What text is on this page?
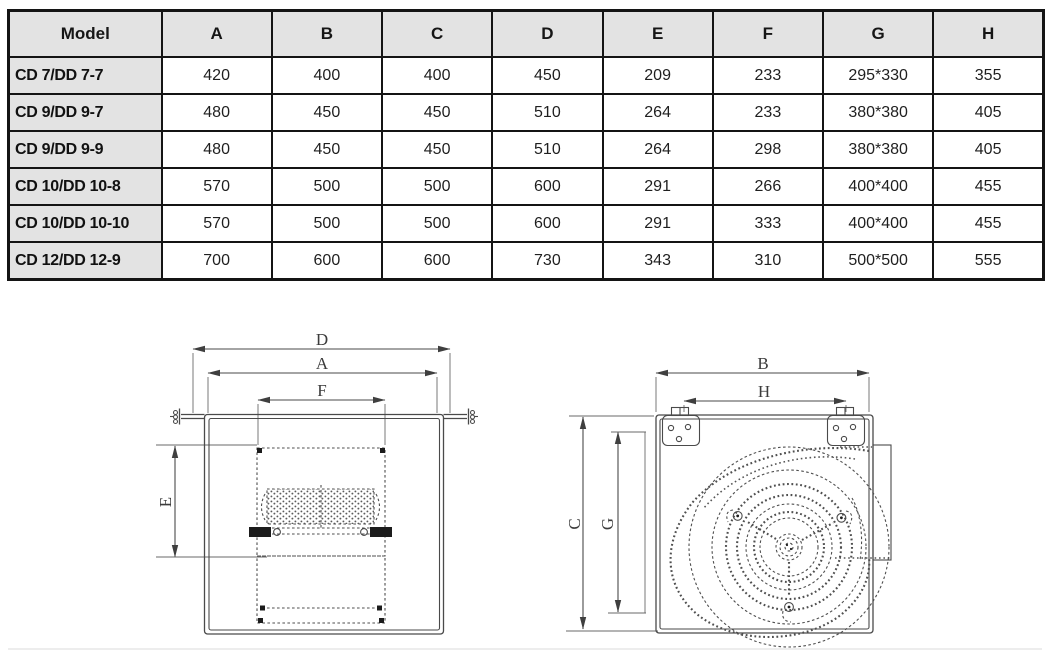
Model	A	B	C	D	E	F	G	H
CD 7/DD 7-7	420	400	400	450	209	233	295*330	355
CD 9/DD 9-7	480	450	450	510	264	233	380*380	405
CD 9/DD 9-9	480	450	450	510	264	298	380*380	405
CD 10/DD 10-8	570	500	500	600	291	266	400*400	455
CD 10/DD 10-10	570	500	500	600	291	333	400*400	455
CD 12/DD 12-9	700	600	600	730	343	310	500*500	555
D
A
F
E
B
H
C G
